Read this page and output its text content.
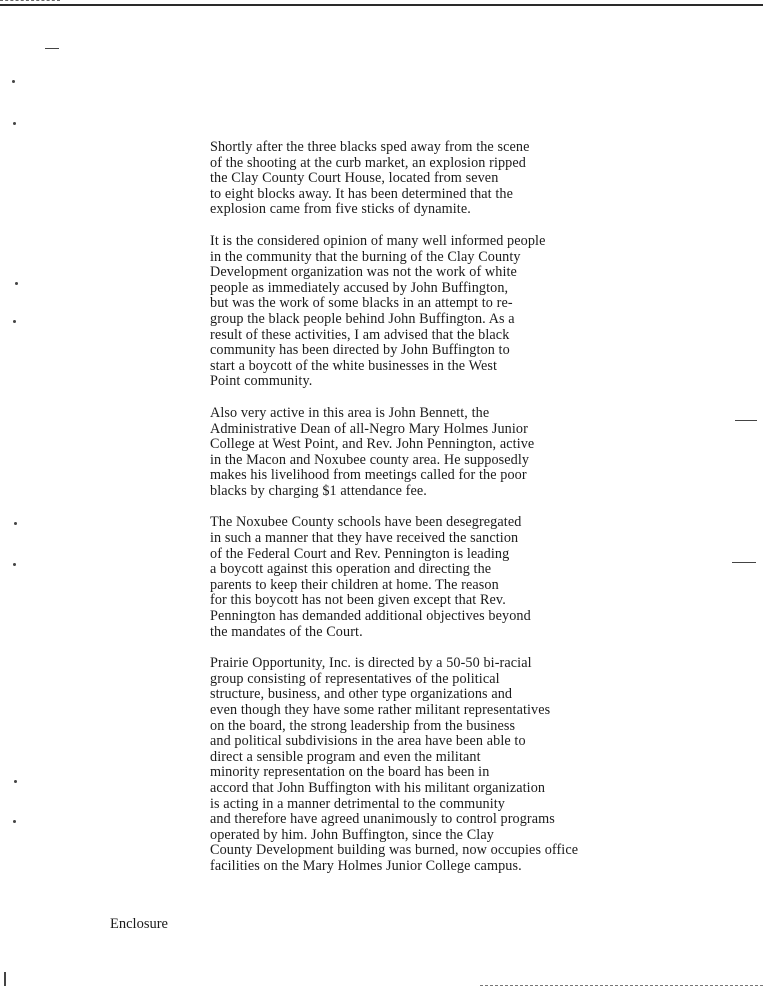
Shortly after the three blacks sped away from the scene
of the shooting at the curb market, an explosion ripped
the Clay County Court House, located from seven
to eight blocks away. It has been determined that the
explosion came from five sticks of dynamite.
It is the considered opinion of many well informed people
in the community that the burning of the Clay County
Development organization was not the work of white
people as immediately accused by John Buffington,
but was the work of some blacks in an attempt to re-
group the black people behind John Buffington. As a
result of these activities, I am advised that the black
community has been directed by John Buffington to
start a boycott of the white businesses in the West
Point community.
Also very active in this area is John Bennett, the
Administrative Dean of all-Negro Mary Holmes Junior
College at West Point, and Rev. John Pennington, active
in the Macon and Noxubee county area. He supposedly
makes his livelihood from meetings called for the poor
blacks by charging $1 attendance fee.
The Noxubee County schools have been desegregated
in such a manner that they have received the sanction
of the Federal Court and Rev. Pennington is leading
a boycott against this operation and directing the
parents to keep their children at home. The reason
for this boycott has not been given except that Rev.
Pennington has demanded additional objectives beyond
the mandates of the Court.
Prairie Opportunity, Inc. is directed by a 50-50 bi-racial
group consisting of representatives of the political
structure, business, and other type organizations and
even though they have some rather militant representatives
on the board, the strong leadership from the business
and political subdivisions in the area have been able to
direct a sensible program and even the militant
minority representation on the board has been in
accord that John Buffington with his militant organization
is acting in a manner detrimental to the community
and therefore have agreed unanimously to control programs
operated by him. John Buffington, since the Clay
County Development building was burned, now occupies office
facilities on the Mary Holmes Junior College campus.
Enclosure
